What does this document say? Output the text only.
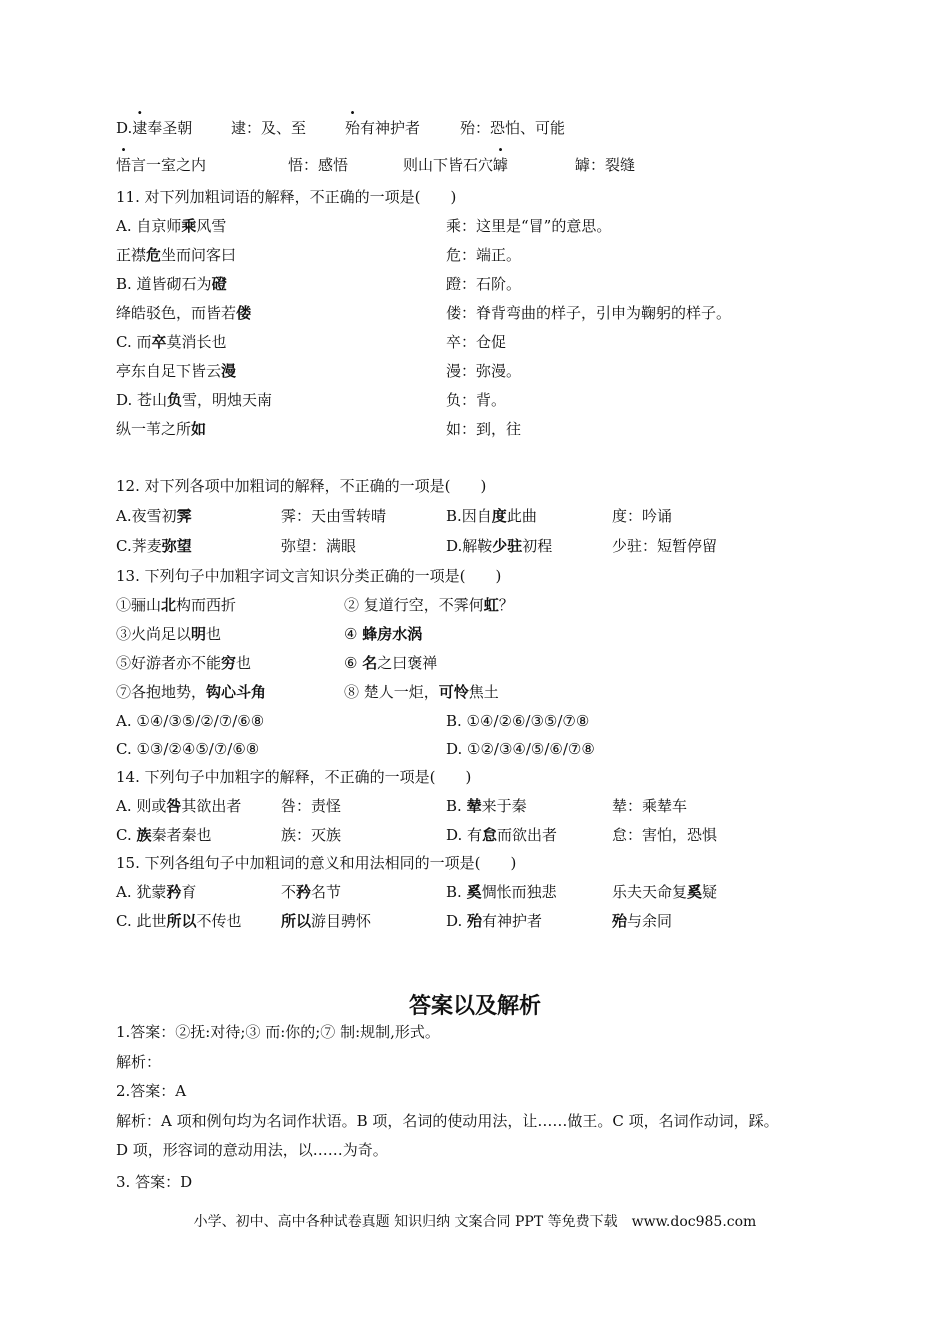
D.逮奉圣朝	逮：及、至	殆有神护者	殆：恐怕、可能
悟言一室之内	悟：感悟	则山下皆石穴罅	罅：裂缝
11. 对下列加粗词语的解释，不正确的一项是(　　)
A. 自京师乘风雪	乘：这里是“冒”的意思。
正襟危坐而问客曰	危：端正。
B. 道皆砌石为磴	蹬：石阶。
绛皓驳色，而皆若偻	偻：脊背弯曲的样子，引申为鞠躬的样子。
C. 而卒莫消长也	卒：仓促
亭东自足下皆云漫	漫：弥漫。
D. 苍山负雪，明烛天南	负：背。
纵一苇之所如	如：到，往
12. 对下列各项中加粗词的解释，不正确的一项是(　　)
A.夜雪初霁	霁：天由雪转晴	B.因自度此曲	度：吟诵
C.荠麦弥望	弥望：满眼	D.解鞍少驻初程	少驻：短暂停留
13. 下列句子中加粗字词文言知识分类正确的一项是(　　)
①骊山北构而西折	② 复道行空，不霁何虹？
③火尚足以明也	④ 蜂房水涡
⑤好游者亦不能穷也	⑥ 名之曰褒禅
⑦各抱地势，钩心斗角	⑧ 楚人一炬，可怜焦土
A. ①④/③⑤/②/⑦/⑥⑧	B. ①④/②⑥/③⑤/⑦⑧
C. ①③/②④⑤/⑦/⑥⑧	D. ①②/③④/⑤/⑥/⑦⑧
14. 下列句子中加粗字的解释，不正确的一项是(　　)
A. 则或咎其欲出者	咎：责怪	B. 辇来于秦	辇：乘辇车
C. 族秦者秦也	族：灭族	D. 有怠而欲出者	怠：害怕，恐惧
15. 下列各组句子中加粗词的意义和用法相同的一项是(　　)
A. 犹蒙矜育	不矜名节	B. 奚惆怅而独悲	乐夫天命复奚疑
C. 此世所以不传也	所以游目骋怀	D. 殆有神护者	殆与余同
答案以及解析
1.答案：②抚:对待;③ 而:你的;⑦ 制:规制,形式。
解析：
2.答案：A
解析：A 项和例句均为名词作状语。B 项，名词的使动用法，让……做王。C 项，名词作动词，踩。
D 项，形容词的意动用法，以……为奇。
3. 答案：D
小学、初中、高中各种试卷真题 知识归纳 文案合同 PPT 等免费下载　www.doc985.com
